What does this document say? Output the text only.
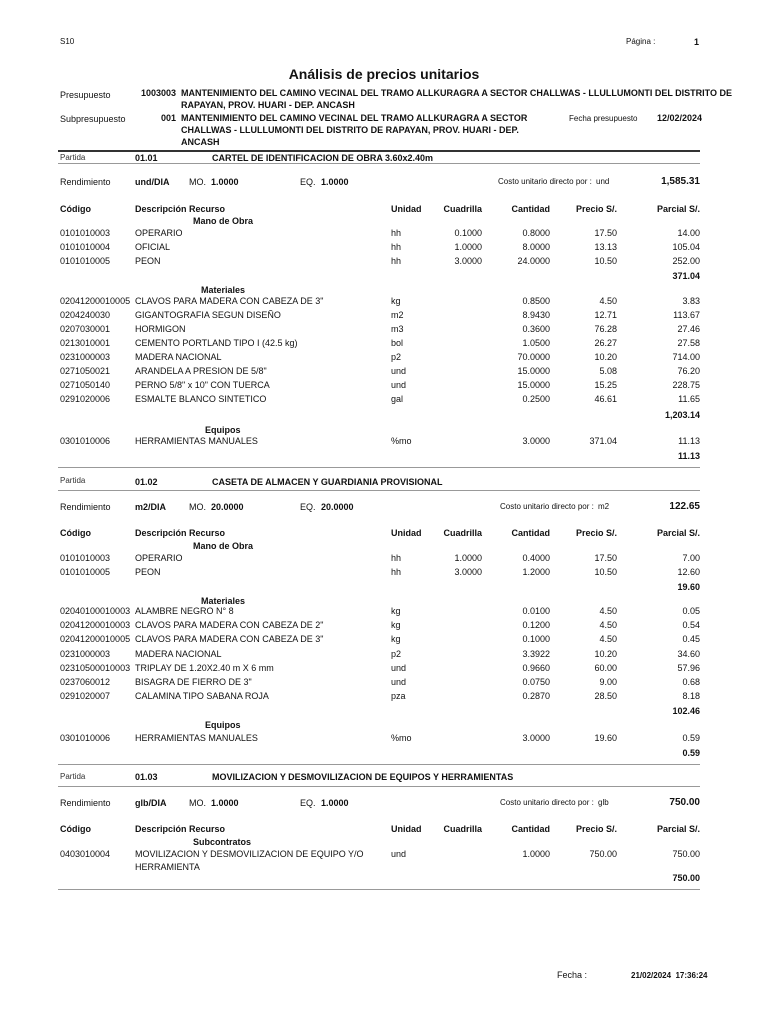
S10	Página :	1
Análisis de precios unitarios
Presupuesto	1003003 MANTENIMIENTO DEL CAMINO VECINAL DEL TRAMO ALLKURAGRA A SECTOR CHALLWAS - LLULLUMONTI DEL DISTRITO DE
RAPAYAN, PROV. HUARI - DEP. ANCASH
Subpresupuesto	001 MANTENIMIENTO DEL CAMINO VECINAL DEL TRAMO ALLKURAGRA A SECTOR
CHALLWAS - LLULLUMONTI DEL DISTRITO DE RAPAYAN, PROV. HUARI - DEP.
ANCASH
Fecha presupuesto 12/02/2024
Partida	01.01	CARTEL DE IDENTIFICACION DE OBRA 3.60x2.40m
Rendimiento	und/DIA MO. 1.0000	EQ. 1.0000	Costo unitario directo por : und	1,585.31
Código	Descripción Recurso	Unidad Cuadrilla	Cantidad	Precio S/.	Parcial S/.
Mano de Obra
0101010003	OPERARIO	hh	0.1000	0.8000	17.50	14.00
0101010004	OFICIAL	hh	1.0000	8.0000	13.13	105.04
0101010005	PEON	hh	3.0000	24.0000	10.50	252.00
371.04
Materiales
02041200010005 CLAVOS PARA MADERA CON CABEZA DE 3"	kg	0.8500	4.50	3.83
0204240030	GIGANTOGRAFIA SEGUN DISEÑO	m2	8.9430	12.71	113.67
0207030001	HORMIGON	m3	0.3600	76.28	27.46
0213010001	CEMENTO PORTLAND TIPO I (42.5 kg)	bol	1.0500	26.27	27.58
0231000003	MADERA NACIONAL	p2	70.0000	10.20	714.00
0271050021	ARANDELA A PRESION DE 5/8"	und	15.0000	5.08	76.20
0271050140	PERNO 5/8" x 10" CON TUERCA	und	15.0000	15.25	228.75
0291020006	ESMALTE BLANCO SINTETICO	gal	0.2500	46.61	11.65
1,203.14
Equipos
0301010006	HERRAMIENTAS MANUALES	%mo	3.0000	371.04	11.13
11.13
Partida	01.02	CASETA DE ALMACEN Y GUARDIANIA PROVISIONAL
Rendimiento	m2/DIA	MO. 20.0000	EQ. 20.0000	Costo unitario directo por : m2	122.65
Código	Descripción Recurso	Unidad Cuadrilla	Cantidad	Precio S/.	Parcial S/.
Mano de Obra
0101010003	OPERARIO	hh	1.0000	0.4000	17.50	7.00
0101010005	PEON	hh	3.0000	1.2000	10.50	12.60
19.60
Materiales
02040100010003 ALAMBRE NEGRO N° 8	kg	0.0100	4.50	0.05
02041200010003 CLAVOS PARA MADERA CON CABEZA DE 2"	kg	0.1200	4.50	0.54
02041200010005 CLAVOS PARA MADERA CON CABEZA DE 3"	kg	0.1000	4.50	0.45
0231000003	MADERA NACIONAL	p2	3.3922	10.20	34.60
02310500010003 TRIPLAY DE 1.20X2.40 m X 6 mm	und	0.9660	60.00	57.96
0237060012	BISAGRA DE FIERRO DE 3"	und	0.0750	9.00	0.68
0291020007	CALAMINA TIPO SABANA ROJA	pza	0.2870	28.50	8.18
102.46
Equipos
0301010006	HERRAMIENTAS MANUALES	%mo	3.0000	19.60	0.59
0.59
Partida	01.03	MOVILIZACION Y DESMOVILIZACION DE EQUIPOS Y HERRAMIENTAS
Rendimiento	glb/DIA	MO. 1.0000	EQ. 1.0000	Costo unitario directo por : glb	750.00
Código	Descripción Recurso	Unidad Cuadrilla	Cantidad	Precio S/.	Parcial S/.
Subcontratos
0403010004	MOVILIZACION Y DESMOVILIZACION DE EQUIPO Y/O
HERRAMIENTA
und	1.0000	750.00	750.00
750.00
Fecha :	21/02/2024  17:36:24
